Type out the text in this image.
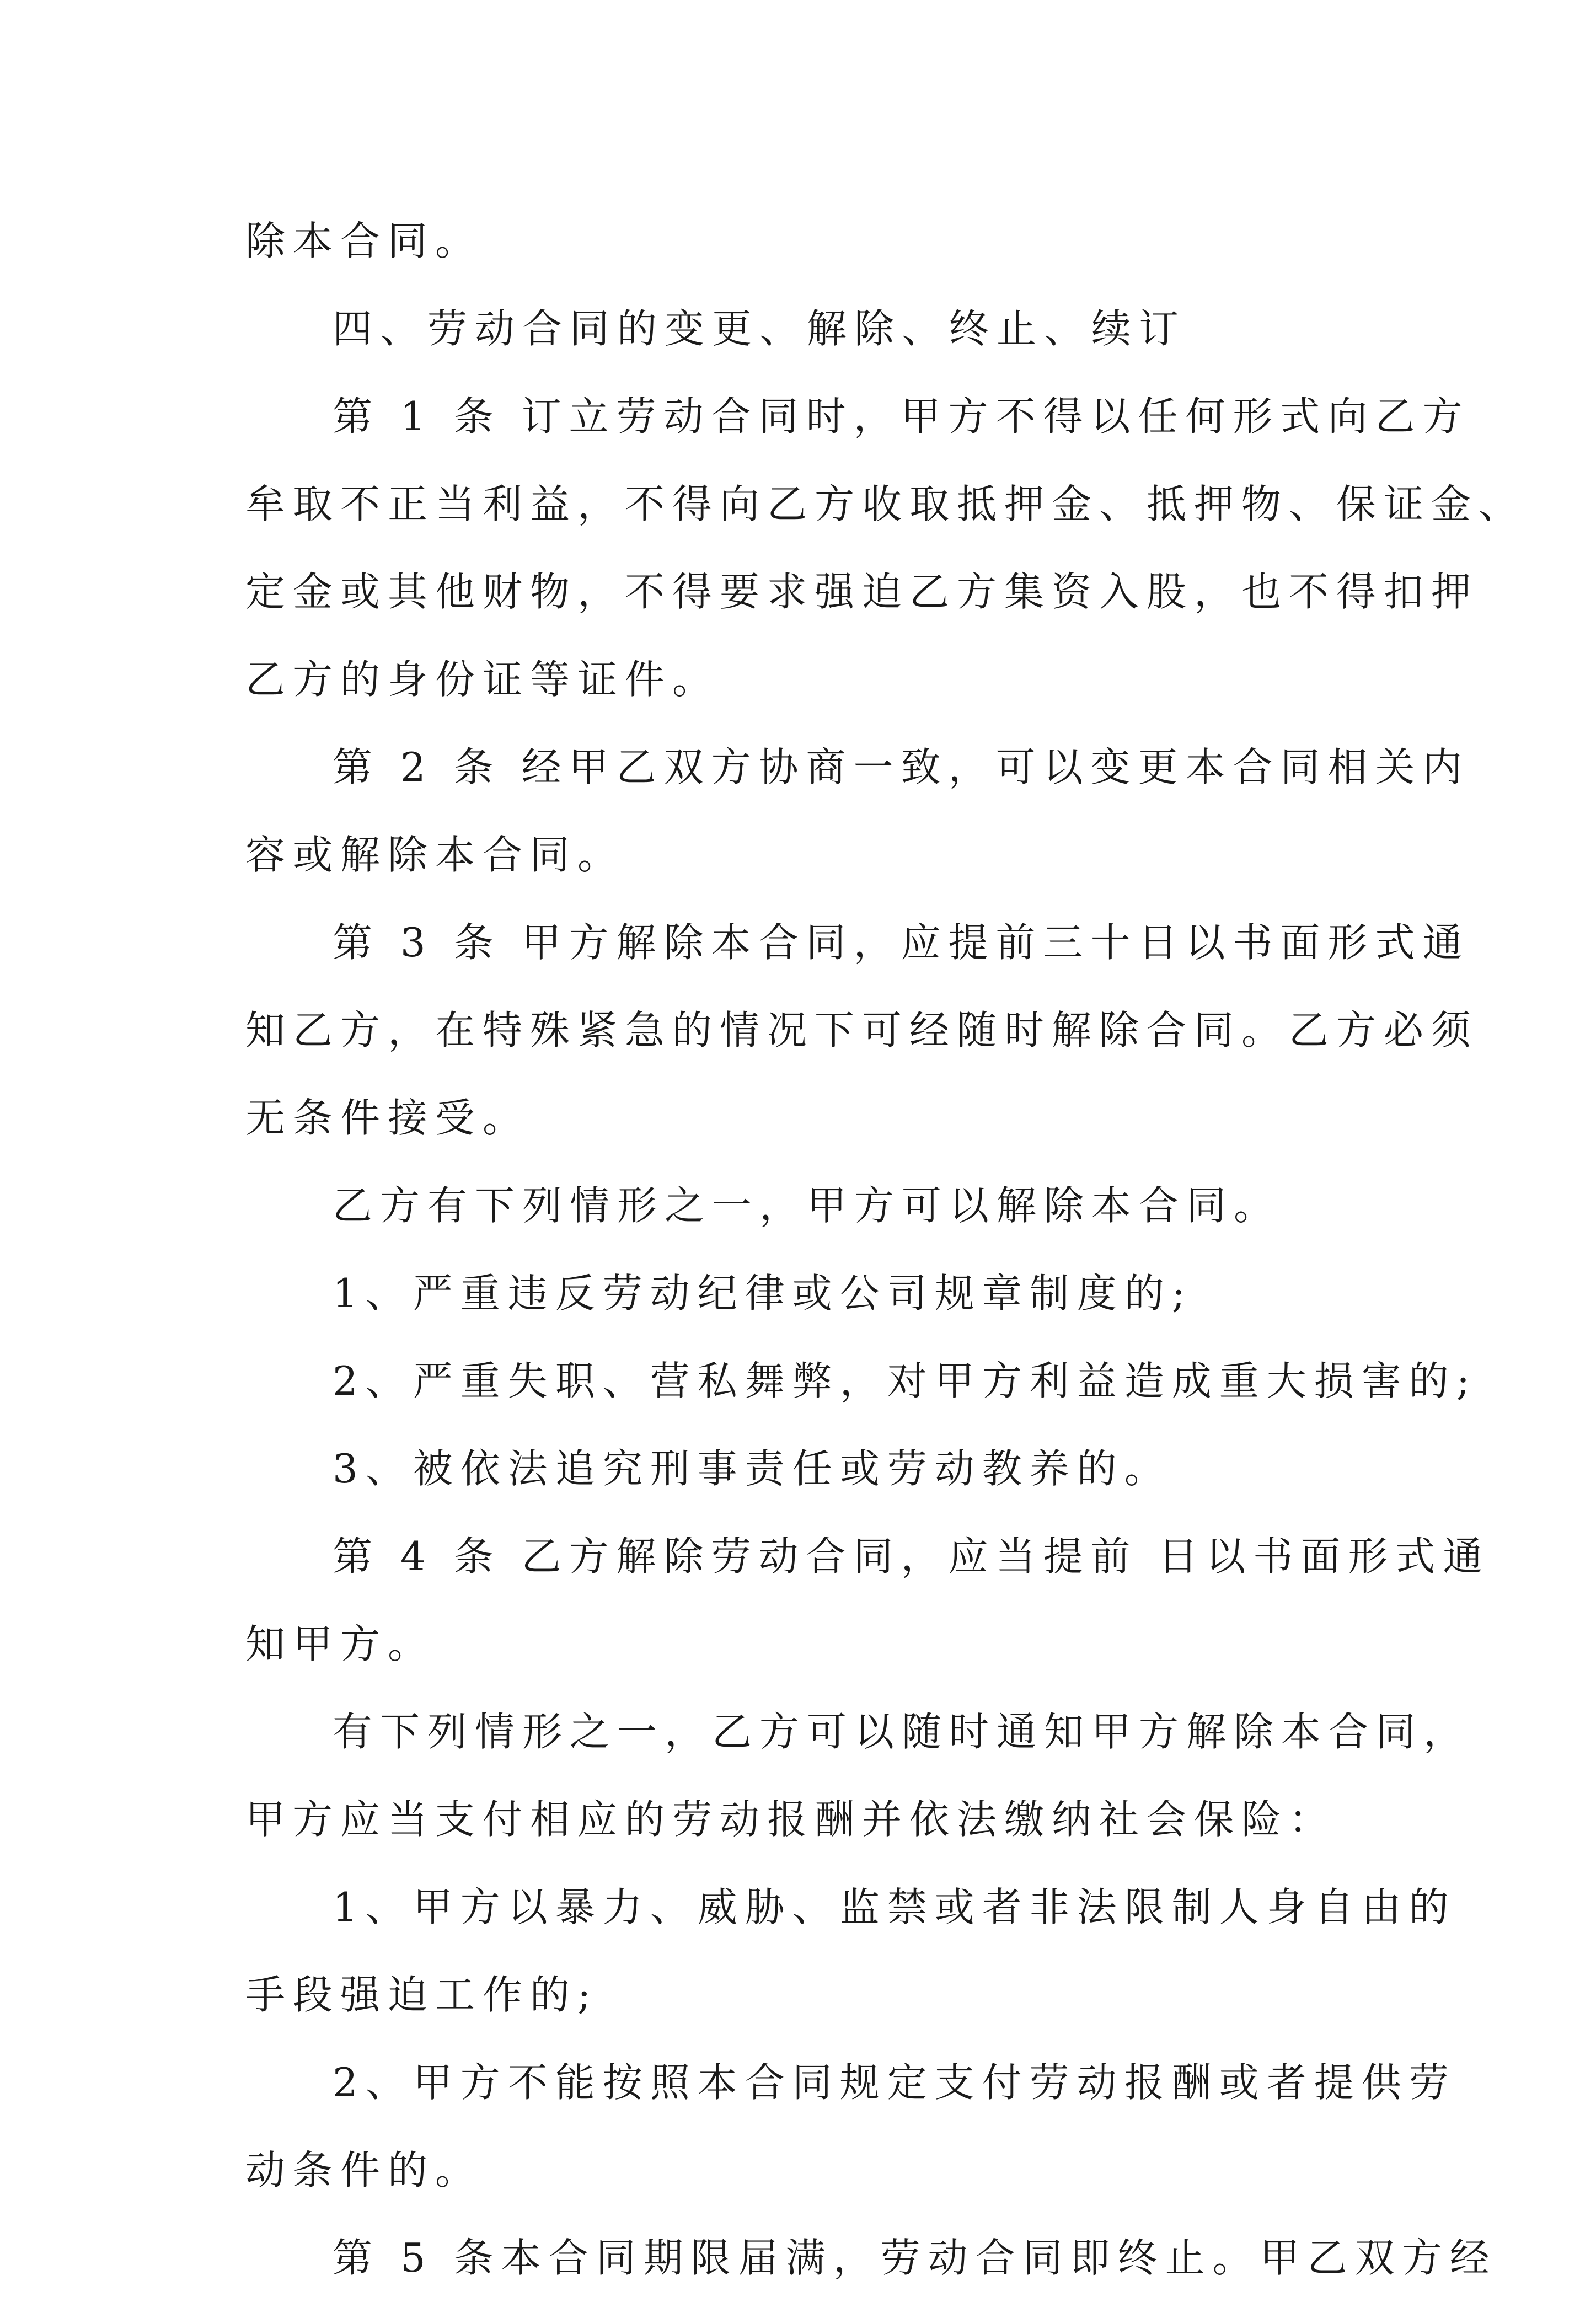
除本合同。
四、劳动合同的变更、解除、终止、续订
第 1 条 订立劳动合同时，甲方不得以任何形式向乙方
牟取不正当利益，不得向乙方收取抵押金、抵押物、保证金、
定金或其他财物，不得要求强迫乙方集资入股，也不得扣押
乙方的身份证等证件。
第 2 条 经甲乙双方协商一致，可以变更本合同相关内
容或解除本合同。
第 3 条 甲方解除本合同，应提前三十日以书面形式通
知乙方，在特殊紧急的情况下可经随时解除合同。乙方必须
无条件接受。
乙方有下列情形之一，甲方可以解除本合同。
1、严重违反劳动纪律或公司规章制度的;
2、严重失职、营私舞弊，对甲方利益造成重大损害的;
3、被依法追究刑事责任或劳动教养的。
第 4 条 乙方解除劳动合同，应当提前 日以书面形式通
知甲方。
有下列情形之一，乙方可以随时通知甲方解除本合同，
甲方应当支付相应的劳动报酬并依法缴纳社会保险：
1、甲方以暴力、威胁、监禁或者非法限制人身自由的
手段强迫工作的;
2、甲方不能按照本合同规定支付劳动报酬或者提供劳
动条件的。
第 5 条本合同期限届满，劳动合同即终止。甲乙双方经
